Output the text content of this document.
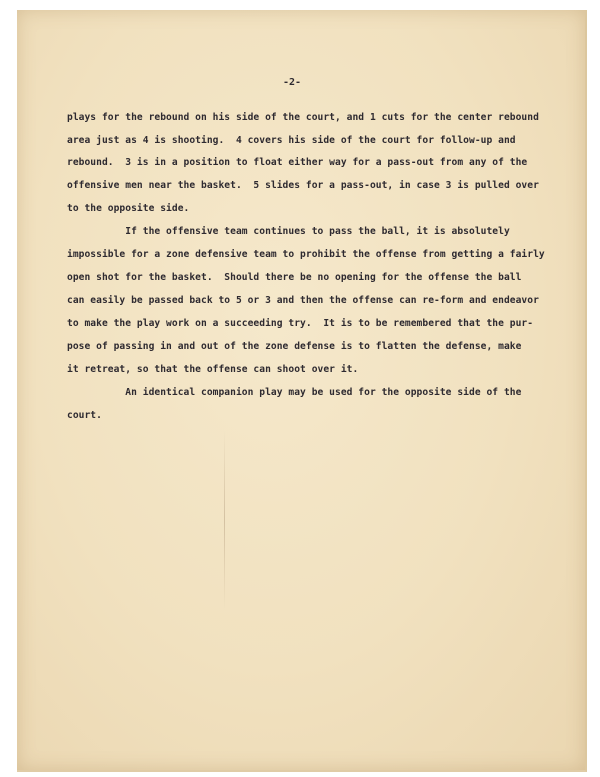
-2-
plays for the rebound on his side of the court, and 1 cuts for the center rebound
area just as 4 is shooting.  4 covers his side of the court for follow-up and
rebound.  3 is in a position to float either way for a pass-out from any of the
offensive men near the basket.  5 slides for a pass-out, in case 3 is pulled over
to the opposite side.
If the offensive team continues to pass the ball, it is absolutely
impossible for a zone defensive team to prohibit the offense from getting a fairly
open shot for the basket.  Should there be no opening for the offense the ball
can easily be passed back to 5 or 3 and then the offense can re-form and endeavor
to make the play work on a succeeding try.  It is to be remembered that the pur-
pose of passing in and out of the zone defense is to flatten the defense, make
it retreat, so that the offense can shoot over it.
An identical companion play may be used for the opposite side of the
court.
